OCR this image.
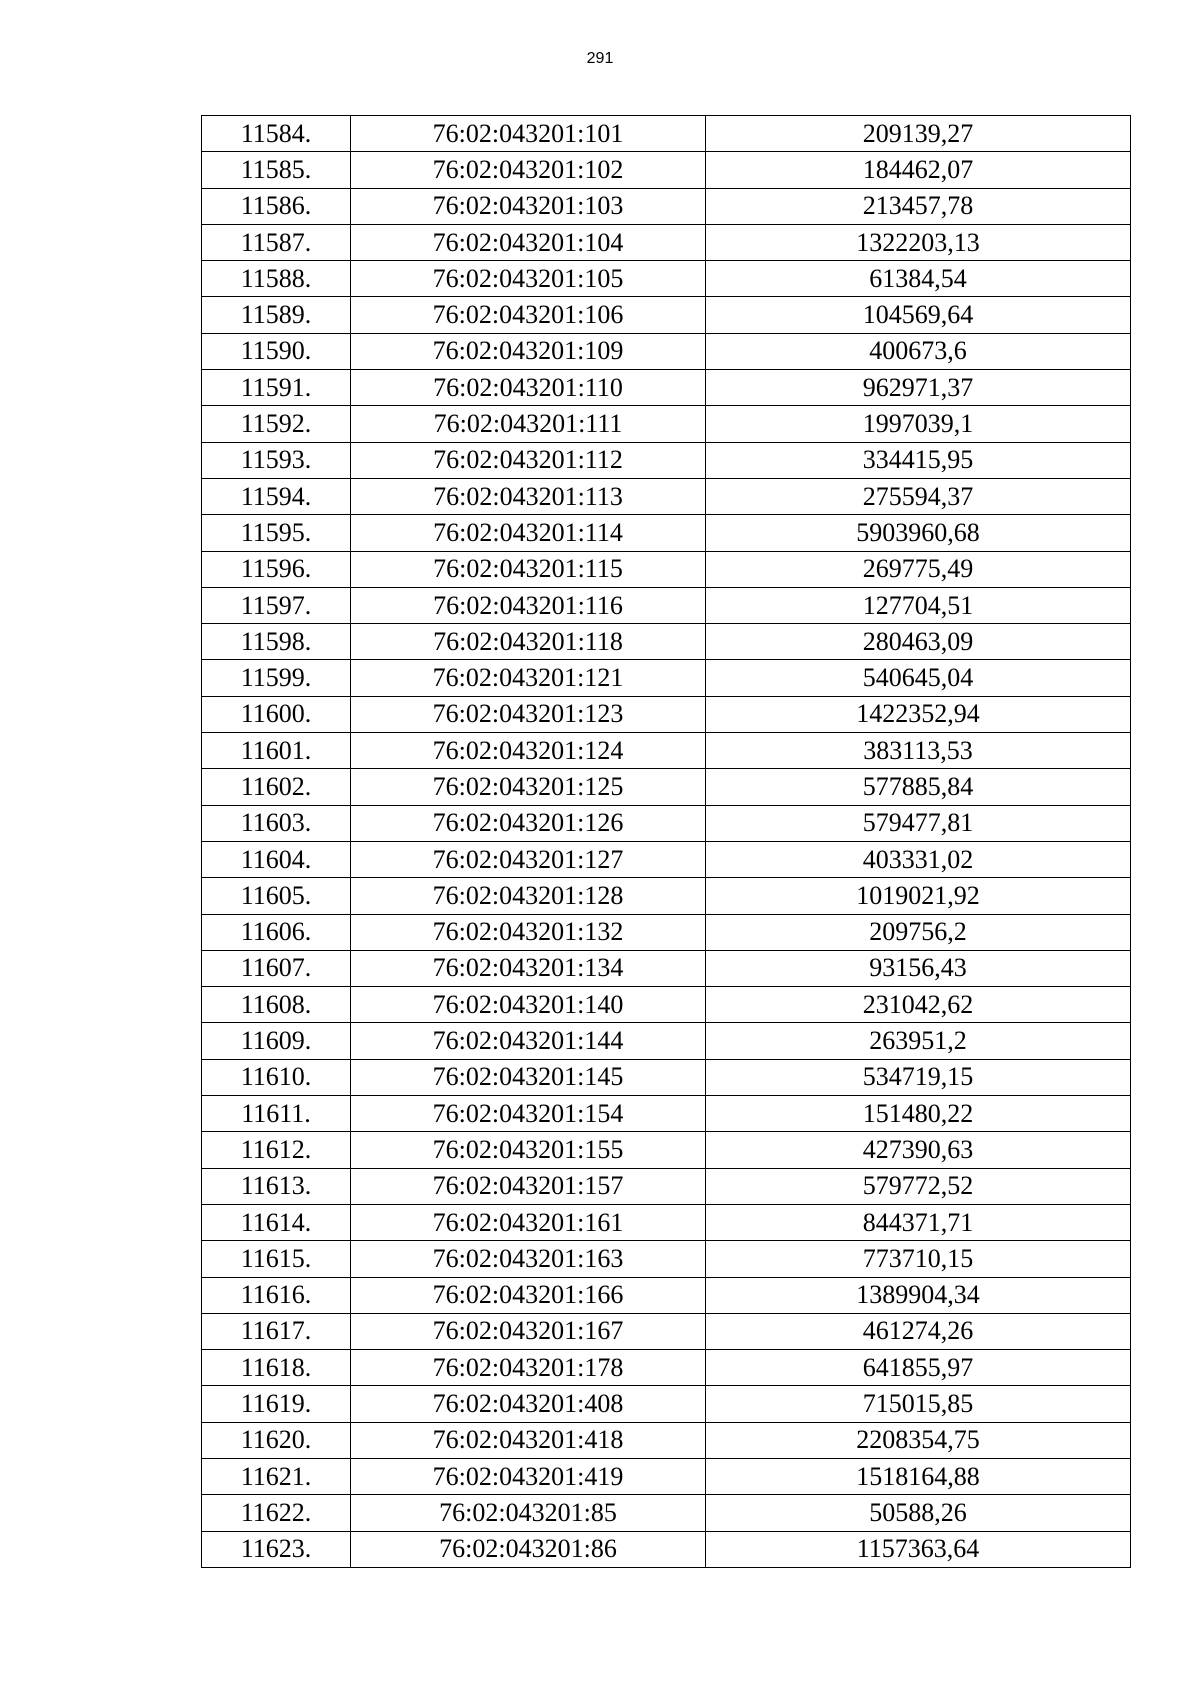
291
11584.	76:02:043201:101	209139,27
11585.	76:02:043201:102	184462,07
11586.	76:02:043201:103	213457,78
11587.	76:02:043201:104	1322203,13
11588.	76:02:043201:105	61384,54
11589.	76:02:043201:106	104569,64
11590.	76:02:043201:109	400673,6
11591.	76:02:043201:110	962971,37
11592.	76:02:043201:111	1997039,1
11593.	76:02:043201:112	334415,95
11594.	76:02:043201:113	275594,37
11595.	76:02:043201:114	5903960,68
11596.	76:02:043201:115	269775,49
11597.	76:02:043201:116	127704,51
11598.	76:02:043201:118	280463,09
11599.	76:02:043201:121	540645,04
11600.	76:02:043201:123	1422352,94
11601.	76:02:043201:124	383113,53
11602.	76:02:043201:125	577885,84
11603.	76:02:043201:126	579477,81
11604.	76:02:043201:127	403331,02
11605.	76:02:043201:128	1019021,92
11606.	76:02:043201:132	209756,2
11607.	76:02:043201:134	93156,43
11608.	76:02:043201:140	231042,62
11609.	76:02:043201:144	263951,2
11610.	76:02:043201:145	534719,15
11611.	76:02:043201:154	151480,22
11612.	76:02:043201:155	427390,63
11613.	76:02:043201:157	579772,52
11614.	76:02:043201:161	844371,71
11615.	76:02:043201:163	773710,15
11616.	76:02:043201:166	1389904,34
11617.	76:02:043201:167	461274,26
11618.	76:02:043201:178	641855,97
11619.	76:02:043201:408	715015,85
11620.	76:02:043201:418	2208354,75
11621.	76:02:043201:419	1518164,88
11622.	76:02:043201:85	50588,26
11623.	76:02:043201:86	1157363,64
